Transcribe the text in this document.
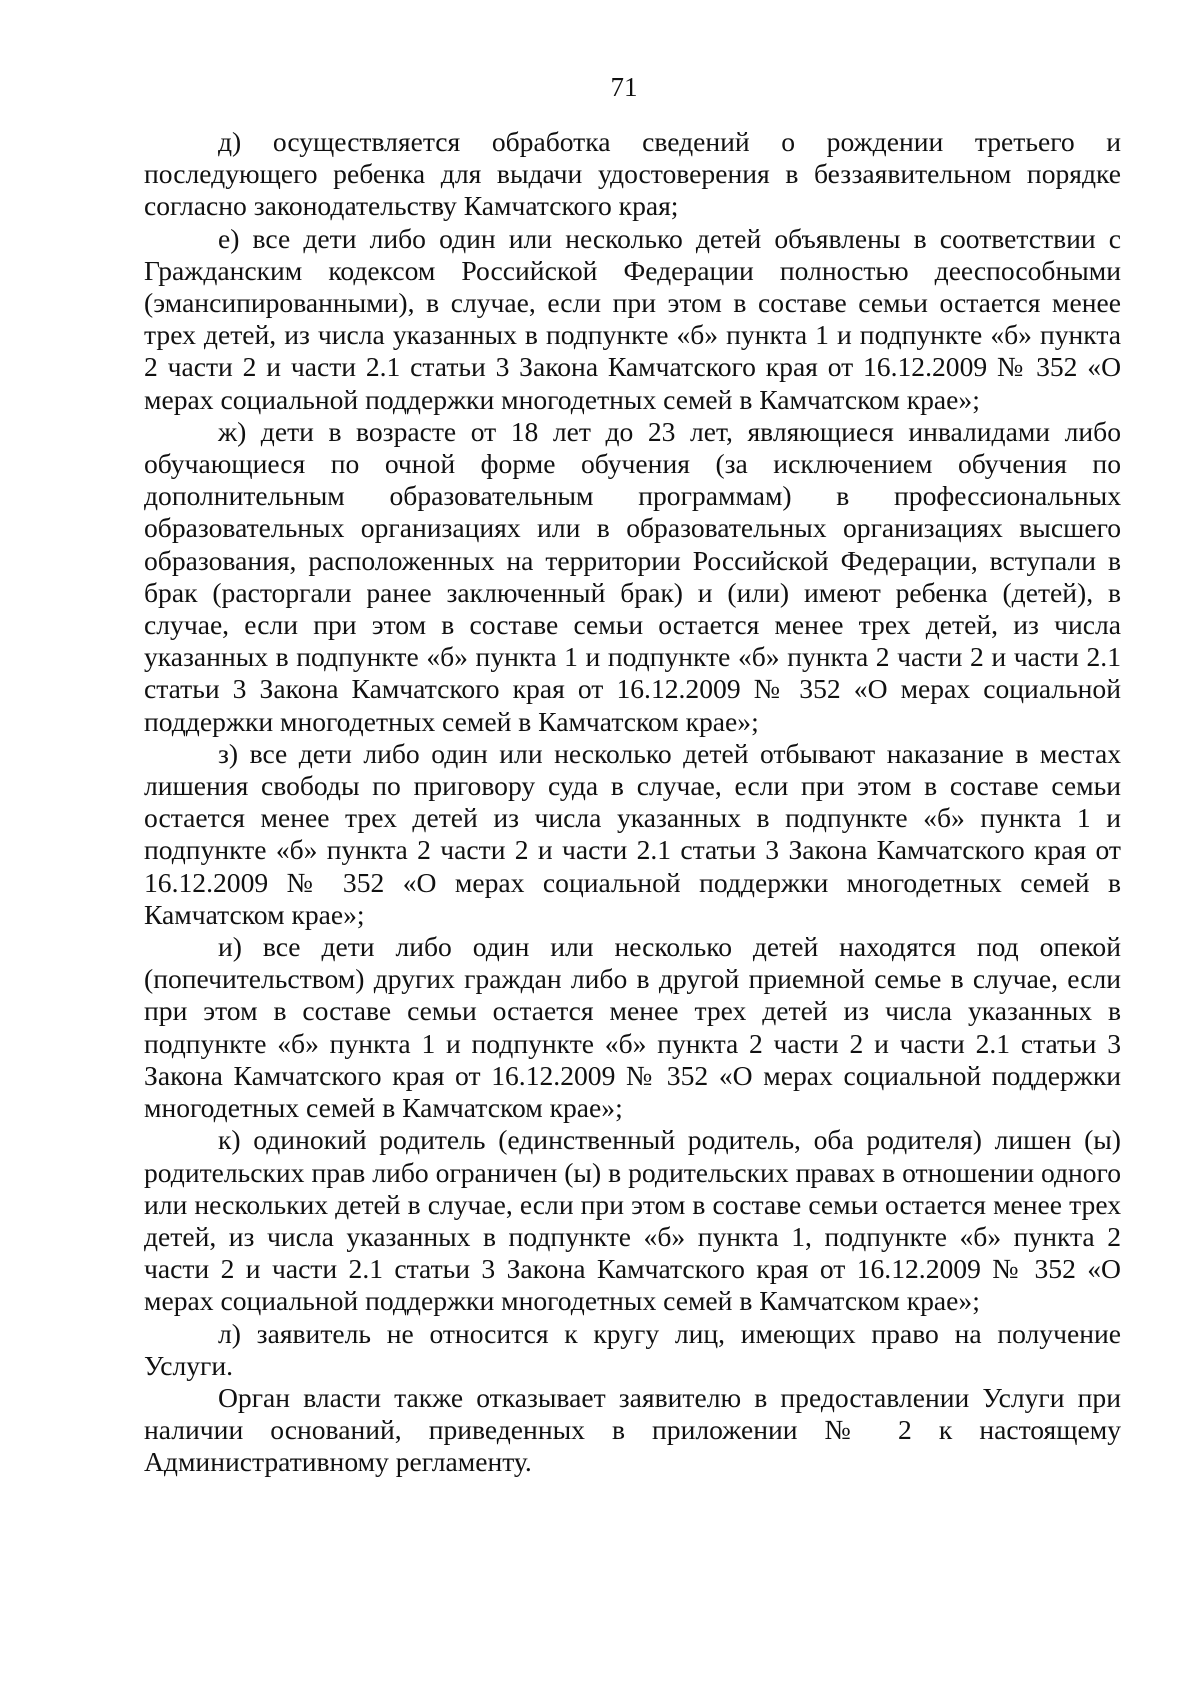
71

д) осуществляется обработка сведений о рождении третьего и последующего ребенка для выдачи удостоверения в беззаявительном порядке согласно законодательству Камчатского края;

е) все дети либо один или несколько детей объявлены в соответствии с Гражданским кодексом Российской Федерации полностью дееспособными (эмансипированными), в случае, если при этом в составе семьи остается менее трех детей, из числа указанных в подпункте «б» пункта 1 и подпункте «б» пункта 2 части 2 и части 2.1 статьи 3 Закона Камчатского края от 16.12.2009 № 352 «О мерах социальной поддержки многодетных семей в Камчатском крае»;

ж) дети в возрасте от 18 лет до 23 лет, являющиеся инвалидами либо обучающиеся по очной форме обучения (за исключением обучения по дополнительным образовательным программам) в профессиональных образовательных организациях или в образовательных организациях высшего образования, расположенных на территории Российской Федерации, вступали в брак (расторгали ранее заключенный брак) и (или) имеют ребенка (детей), в случае, если при этом в составе семьи остается менее трех детей, из числа указанных в подпункте «б» пункта 1 и подпункте «б» пункта 2 части 2 и части 2.1 статьи 3 Закона Камчатского края от 16.12.2009 № 352 «О мерах социальной поддержки многодетных семей в Камчатском крае»;

з) все дети либо один или несколько детей отбывают наказание в местах лишения свободы по приговору суда в случае, если при этом в составе семьи остается менее трех детей из числа указанных в подпункте «б» пункта 1 и подпункте «б» пункта 2 части 2 и части 2.1 статьи 3 Закона Камчатского края от 16.12.2009 № 352 «О мерах социальной поддержки многодетных семей в Камчатском крае»;

и) все дети либо один или несколько детей находятся под опекой (попечительством) других граждан либо в другой приемной семье в случае, если при этом в составе семьи остается менее трех детей из числа указанных в подпункте «б» пункта 1 и подпункте «б» пункта 2 части 2 и части 2.1 статьи 3 Закона Камчатского края от 16.12.2009 № 352 «О мерах социальной поддержки многодетных семей в Камчатском крае»;

к) одинокий родитель (единственный родитель, оба родителя) лишен (ы) родительских прав либо ограничен (ы) в родительских правах в отношении одного или нескольких детей в случае, если при этом в составе семьи остается менее трех детей, из числа указанных в подпункте «б» пункта 1, подпункте «б» пункта 2 части 2 и части 2.1 статьи 3 Закона Камчатского края от 16.12.2009 № 352 «О мерах социальной поддержки многодетных семей в Камчатском крае»;

л) заявитель не относится к кругу лиц, имеющих право на получение Услуги.

Орган власти также отказывает заявителю в предоставлении Услуги при наличии оснований, приведенных в приложении № 2 к настоящему Административному регламенту.
